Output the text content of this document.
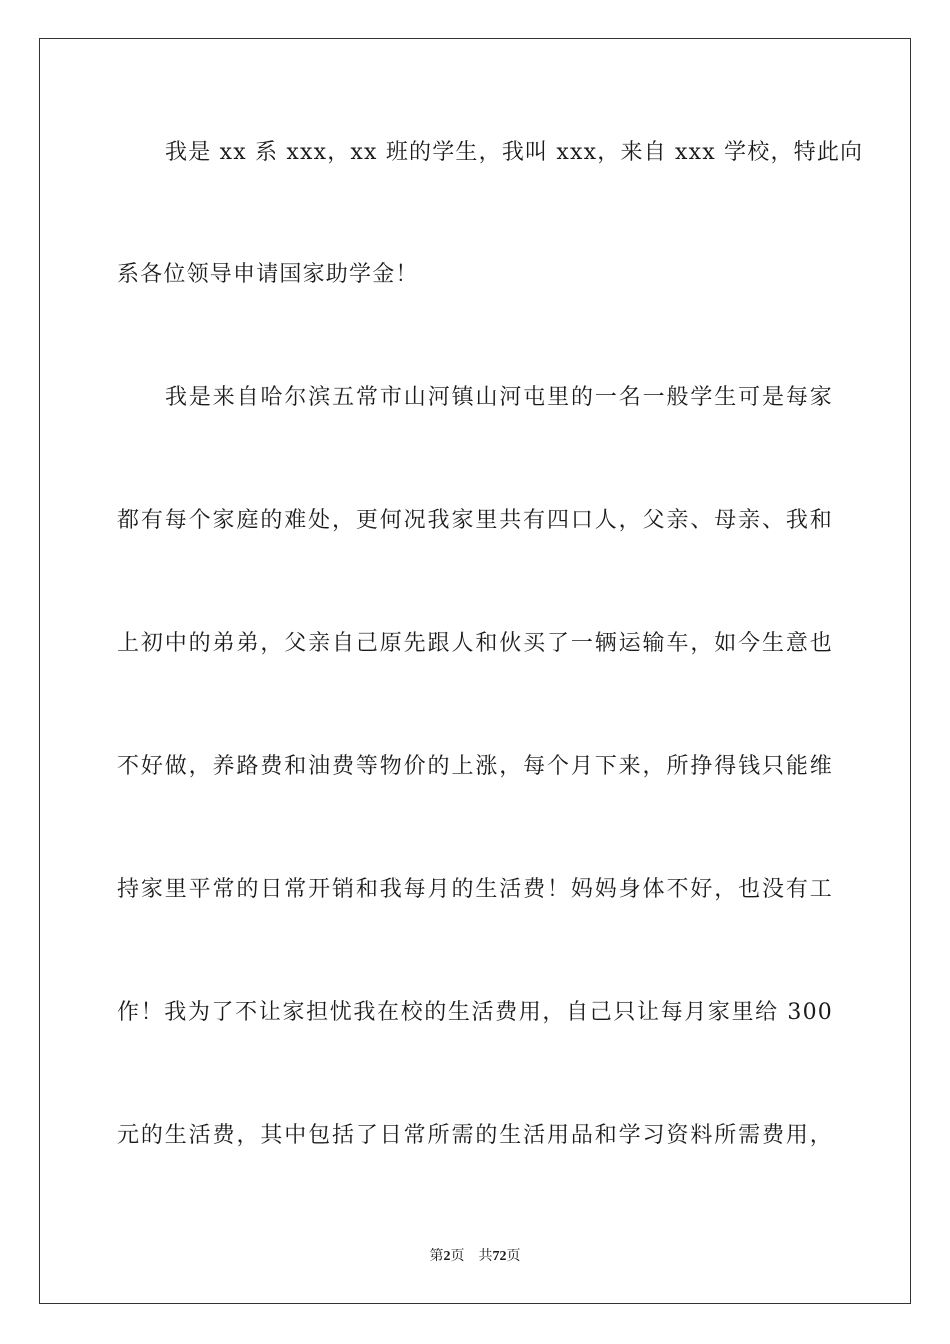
我是 xx 系 xxx，xx 班的学生，我叫 xxx，来自 xxx 学校，特此向
系各位领导申请国家助学金！
我是来自哈尔滨五常市山河镇山河屯里的一名一般学生可是每家
都有每个家庭的难处，更何况我家里共有四口人，父亲、母亲、我和
上初中的弟弟，父亲自己原先跟人和伙买了一辆运输车，如今生意也
不好做，养路费和油费等物价的上涨，每个月下来，所挣得钱只能维
持家里平常的日常开销和我每月的生活费！妈妈身体不好，也没有工
作！我为了不让家担忧我在校的生活费用，自己只让每月家里给 300
元的生活费，其中包括了日常所需的生活用品和学习资料所需费用，
第2页 共72页
